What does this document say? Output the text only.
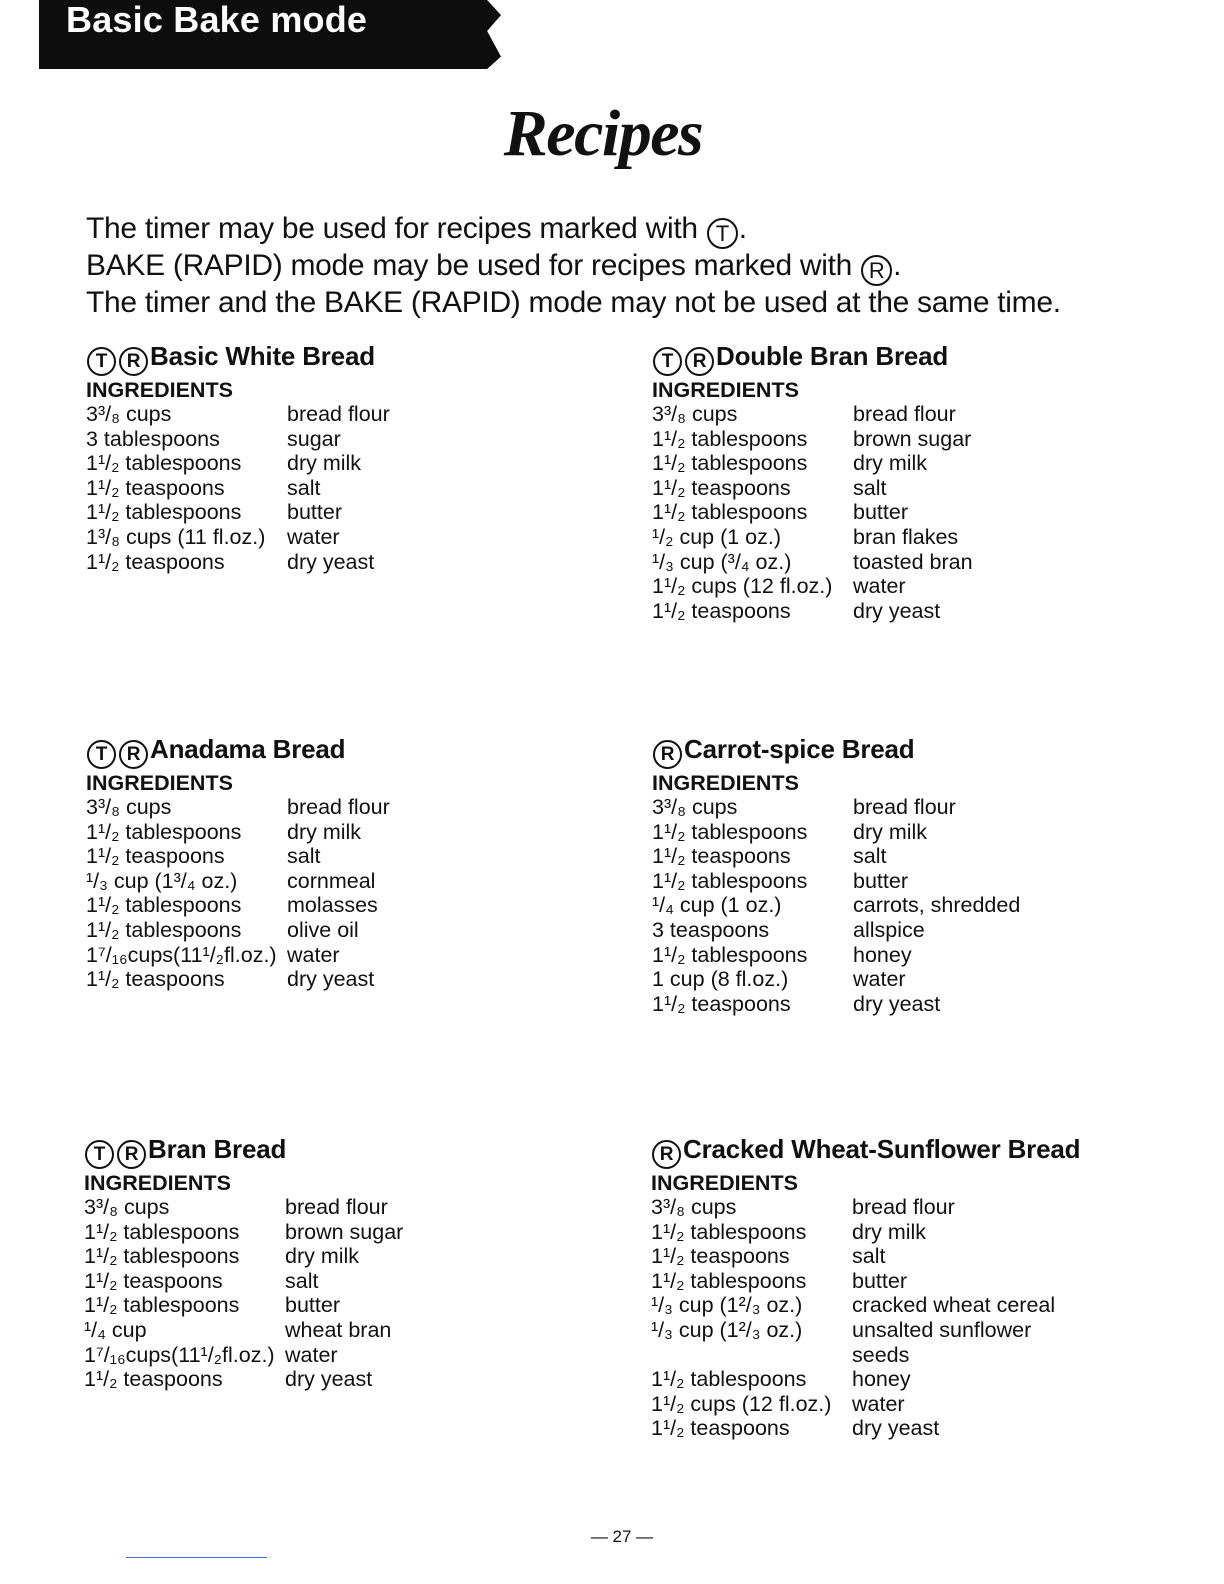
Basic Bake mode
Recipes
The timer may be used for recipes marked with T .
BAKE (RAPID) mode may be used for recipes marked with R .
The timer and the BAKE (RAPID) mode may not be used at the same time.
T R Basic White Bread
INGREDIENTS
3³/₈ cups	bread flour
3 tablespoons	sugar
1¹/₂ tablespoons	dry milk
1¹/₂ teaspoons	salt
1¹/₂ tablespoons	butter
1³/₈ cups (11 fl.oz.)	water
1¹/₂ teaspoons	dry yeast
T R Double Bran Bread
INGREDIENTS
3³/₈ cups	bread flour
1¹/₂ tablespoons	brown sugar
1¹/₂ tablespoons	dry milk
1¹/₂ teaspoons	salt
1¹/₂ tablespoons	butter
¹/₂ cup (1 oz.)	bran flakes
¹/₃ cup (³/₄ oz.)	toasted bran
1¹/₂ cups (12 fl.oz.) water
1¹/₂ teaspoons	dry yeast
T R Anadama Bread
INGREDIENTS
3³/₈ cups	bread flour
1¹/₂ tablespoons	dry milk
1¹/₂ teaspoons	salt
¹/₃ cup (1³/₄ oz.)	cornmeal
1¹/₂ tablespoons	molasses
1¹/₂ tablespoons	olive oil
1⁷/₁₆cups(11¹/₂fl.oz.) water
1¹/₂ teaspoons	dry yeast
R Carrot-spice Bread
INGREDIENTS
3³/₈ cups	bread flour
1¹/₂ tablespoons	dry milk
1¹/₂ teaspoons	salt
1¹/₂ tablespoons	butter
¹/₄ cup (1 oz.)	carrots, shredded
3 teaspoons	allspice
1¹/₂ tablespoons	honey
1 cup (8 fl.oz.)	water
1¹/₂ teaspoons	dry yeast
T R Bran Bread
INGREDIENTS
3³/₈ cups	bread flour
1¹/₂ tablespoons	brown sugar
1¹/₂ tablespoons	dry milk
1¹/₂ teaspoons	salt
1¹/₂ tablespoons	butter
¹/₄ cup	wheat bran
1⁷/₁₆cups(11¹/₂fl.oz.) water
1¹/₂ teaspoons	dry yeast
R Cracked Wheat-Sunflower Bread
INGREDIENTS
3³/₈ cups	bread flour
1¹/₂ tablespoons	dry milk
1¹/₂ teaspoons	salt
1¹/₂ tablespoons	butter
¹/₃ cup (1²/₃ oz.)	cracked wheat cereal
¹/₃ cup (1²/₃ oz.)	unsalted sunflower
seeds
1¹/₂ tablespoons	honey
1¹/₂ cups (12 fl.oz.) water
1¹/₂ teaspoons	dry yeast
— 27 —
